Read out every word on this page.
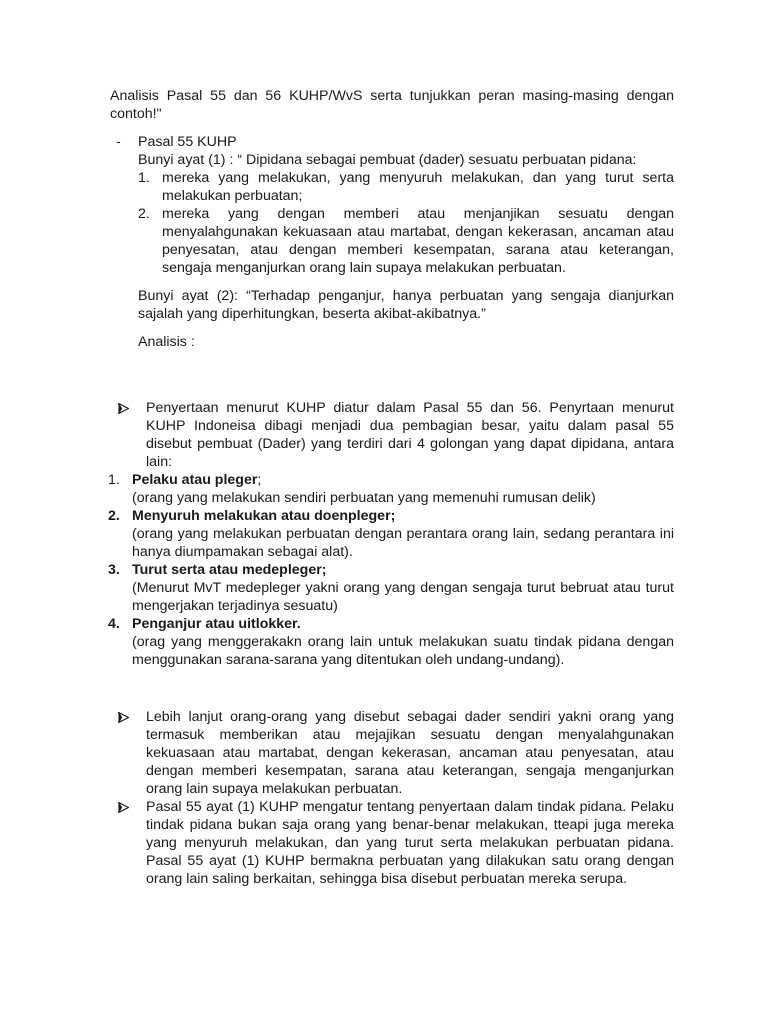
Analisis Pasal 55 dan 56 KUHP/WvS serta tunjukkan peran masing-masing dengan contoh!"
- Pasal 55 KUHP
Bunyi ayat (1) : “ Dipidana sebagai pembuat (dader) sesuatu perbuatan pidana:
1. mereka yang melakukan, yang menyuruh melakukan, dan yang turut serta melakukan perbuatan;
2. mereka yang dengan memberi atau menjanjikan sesuatu dengan menyalahgunakan kekuasaan atau martabat, dengan kekerasan, ancaman atau penyesatan, atau dengan memberi kesempatan, sarana atau keterangan, sengaja menganjurkan orang lain supaya melakukan perbuatan.
Bunyi ayat (2): “Terhadap penganjur, hanya perbuatan yang sengaja dianjurkan sajalah yang diperhitungkan, beserta akibat-akibatnya.”
Analisis :
Penyertaan menurut KUHP diatur dalam Pasal 55 dan 56. Penyrtaan menurut KUHP Indoneisa dibagi menjadi dua pembagian besar, yaitu dalam pasal 55 disebut pembuat (Dader) yang terdiri dari 4 golongan yang dapat dipidana, antara lain:
1. Pelaku atau pleger;
(orang yang melakukan sendiri perbuatan yang memenuhi rumusan delik)
2. Menyuruh melakukan atau doenpleger;
(orang yang melakukan perbuatan dengan perantara orang lain, sedang perantara ini hanya diumpamakan sebagai alat).
3. Turut serta atau medepleger;
(Menurut MvT medepleger yakni orang yang dengan sengaja turut bebruat atau turut mengerjakan terjadinya sesuatu)
4. Penganjur atau uitlokker.
(orag yang menggerakakn orang lain untuk melakukan suatu tindak pidana dengan menggunakan sarana-sarana yang ditentukan oleh undang-undang).
Lebih lanjut orang-orang yang disebut sebagai dader sendiri yakni orang yang termasuk memberikan atau mejajikan sesuatu dengan menyalahgunakan kekuasaan atau martabat, dengan kekerasan, ancaman atau penyesatan, atau dengan memberi kesempatan, sarana atau keterangan, sengaja menganjurkan orang lain supaya melakukan perbuatan.
Pasal 55 ayat (1) KUHP mengatur tentang penyertaan dalam tindak pidana. Pelaku tindak pidana bukan saja orang yang benar-benar melakukan, tteapi juga mereka yang menyuruh melakukan, dan yang turut serta melakukan perbuatan pidana. Pasal 55 ayat (1) KUHP bermakna perbuatan yang dilakukan satu orang dengan orang lain saling berkaitan, sehingga bisa disebut perbuatan mereka serupa.
